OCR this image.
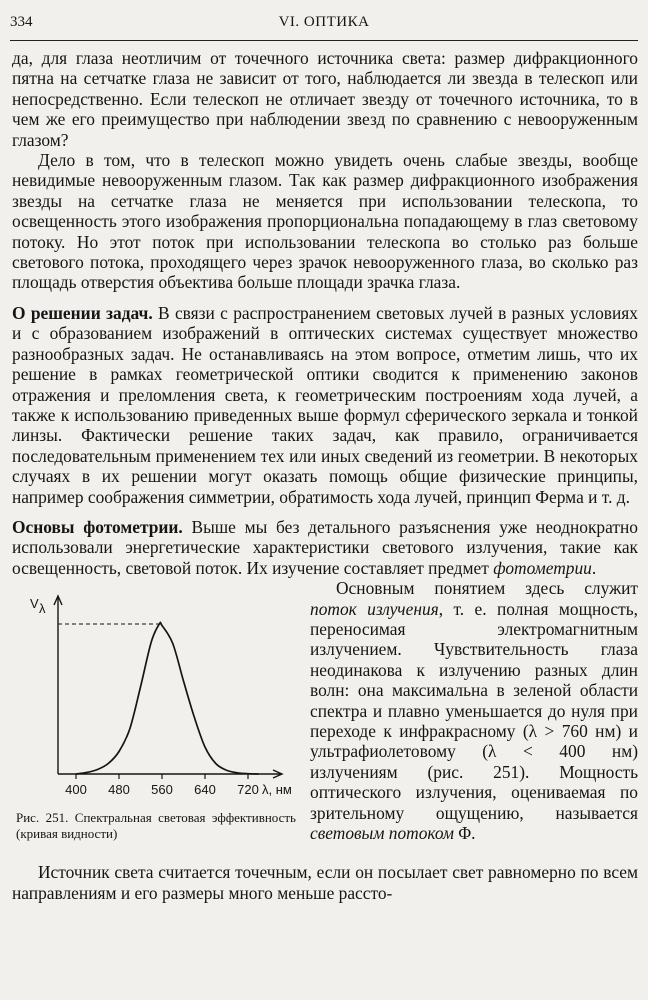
334	VI. ОПТИКА

да, для глаза неотличим от точечного источника света: размер дифракционного пятна на сетчатке глаза не зависит от того, наблюдается ли звезда в телескоп или непосредственно. Если телескоп не отличает звезду от точечного источника, то в чем же его преимущество при наблюдении звезд по сравнению с невооруженным глазом?

Дело в том, что в телескоп можно увидеть очень слабые звезды, вообще невидимые невооруженным глазом. Так как размер дифракционного изображения звезды на сетчатке глаза не меняется при использовании телескопа, то освещенность этого изображения пропорциональна попадающему в глаз световому потоку. Но этот поток при использовании телескопа во столько раз больше светового потока, проходящего через зрачок невооруженного глаза, во сколько раз площадь отверстия объектива больше площади зрачка глаза.

О решении задач. В связи с распространением световых лучей в разных условиях и с образованием изображений в оптических системах существует множество разнообразных задач. Не останавливаясь на этом вопросе, отметим лишь, что их решение в рамках геометрической оптики сводится к применению законов отражения и преломления света, к геометрическим построениям хода лучей, а также к использованию приведенных выше формул сферического зеркала и тонкой линзы. Фактически решение таких задач, как правило, ограничивается последовательным применением тех или иных сведений из геометрии. В некоторых случаях в их решении могут оказать помощь общие физические принципы, например соображения симметрии, обратимость хода лучей, принцип Ферма и т. д.

Основы фотометрии. Выше мы без детального разъяснения уже неоднократно использовали энергетические характеристики светового излучения, такие как освещенность, световой поток. Их изучение составляет предмет фотометрии.

V λ
400 480 560 640 720 λ, нм
Рис. 251. Спектральная световая эффективность (кривая видности)

Основным понятием здесь служит поток излучения, т. е. полная мощность, переносимая электромагнитным излучением. Чувствительность глаза неодинакова к излучению разных длин волн: она максимальна в зеленой области спектра и плавно уменьшается до нуля при переходе к инфракрасному (λ > 760 нм) и ультрафиолетовому (λ < 400 нм) излучениям (рис. 251). Мощность оптического излучения, оцениваемая по зрительному ощущению, называется световым потоком Φ.

Источник света считается точечным, если он посылает свет равномерно по всем направлениям и его размеры много меньше рассто-
